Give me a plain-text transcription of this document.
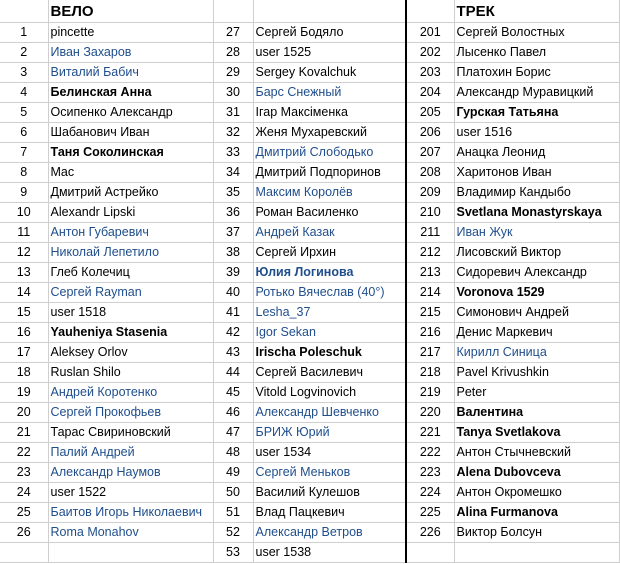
	ВЕЛО				ТРЕК
1	pincette	27	Сергей Бодяло	201	Сергей Волостных
2	Иван Захаров	28	user 1525	202	Лысенко Павел
3	Виталий Бабич	29	Sergey Kovalchuk	203	Платохин Борис
4	Белинская Анна	30	Барс Снежный	204	Александр Муравицкий
5	Осипенко Александр	31	Iгар Максiменка	205	Гурская Татьяна
6	Шабанович Иван	32	Женя Мухаревский	206	user 1516
7	Таня Соколинская	33	Дмитрий Слободько	207	Анацка Леонид
8	Mac	34	Дмитрий Подпоринов	208	Харитонов Иван
9	Дмитрий Астрейко	35	Максим Королёв	209	Владимир Кандыбо
10	Alexandr Lipski	36	Роман Василенко	210	Svetlana Monastyrskaya
11	Антон Губаревич	37	Андрей Казак	211	Иван Жук
12	Николай Лепетило	38	Сергей Ирхин	212	Лисовский Виктор
13	Глеб Колечиц	39	Юлия Логинова	213	Сидоревич Александр
14	Сергей Rayman	40	Ротько Вячеслав (40°)	214	Voronova 1529
15	user 1518	41	Lesha_37	215	Симонович Андрей
16	Yauheniya Stasenia	42	Igor Sekan	216	Денис Маркевич
17	Aleksey Orlov	43	Irischa Poleschuk	217	Кирилл Синица
18	Ruslan Shilo	44	Сергей Василевич	218	Pavel Krivushkin
19	Андрей Коротенко	45	Vitold Logvinovich	219	Peter
20	Сергей Прокофьев	46	Александр Шевченко	220	Валентина
21	Тарас Свириновский	47	БРИЖ Юрий	221	Tanya Svetlakova
22	Палий Андрей	48	user 1534	222	Антон Стычневский
23	Александр Наумов	49	Сергей Меньков	223	Alena Dubovceva
24	user 1522	50	Василий Кулешов	224	Антон Окромешко
25	Баитов Игорь Николаевич	51	Влад Пацкевич	225	Alina Furmanova
26	Roma Monahov	52	Александр Ветров	226	Виктор Болсун
		53	user 1538		
